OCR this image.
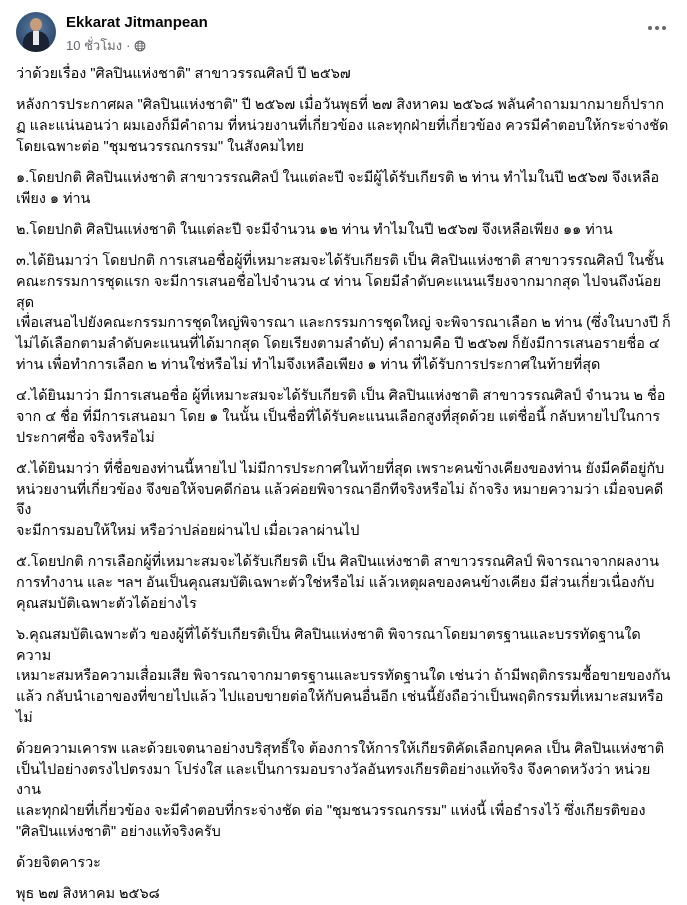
Ekkarat Jitmanpean
10 ชั่วโมง ·

ว่าด้วยเรื่อง "ศิลปินแห่งชาติ" สาขาวรรณศิลป์ ปี ๒๕๖๗

หลังการประกาศผล "ศิลปินแห่งชาติ" ปี ๒๕๖๗ เมื่อวันพุธที่ ๒๗ สิงหาคม ๒๕๖๘ พลันคำถามมากมายก็ปราก
ฏ และแน่นอนว่า ผมเองก็มีคำถาม ที่หน่วยงานที่เกี่ยวข้อง และทุกฝ่ายที่เกี่ยวข้อง ควรมีคำตอบให้กระจ่างชัด
โดยเฉพาะต่อ "ชุมชนวรรณกรรม" ในสังคมไทย

๑.โดยปกติ ศิลปินแห่งชาติ สาขาวรรณศิลป์ ในแต่ละปี จะมีผู้ได้รับเกียรติ ๒ ท่าน ทำไมในปี ๒๕๖๗ จึงเหลือ
เพียง ๑ ท่าน

๒.โดยปกติ ศิลปินแห่งชาติ ในแต่ละปี จะมีจำนวน ๑๒ ท่าน ทำไมในปี ๒๕๖๗ จึงเหลือเพียง ๑๑ ท่าน

๓.ได้ยินมาว่า โดยปกติ การเสนอชื่อผู้ที่เหมาะสมจะได้รับเกียรติ เป็น ศิลปินแห่งชาติ สาขาวรรณศิลป์ ในชั้น
คณะกรรมการชุดแรก จะมีการเสนอชื่อไปจำนวน ๔ ท่าน โดยมีลำดับคะแนนเรียงจากมากสุด ไปจนถึงน้อยสุด
เพื่อเสนอไปยังคณะกรรมการชุดใหญ่พิจารณา และกรรมการชุดใหญ่ จะพิจารณาเลือก ๒ ท่าน (ซึ่งในบางปี ก็
ไม่ได้เลือกตามลำดับคะแนนที่ได้มากสุด โดยเรียงตามลำดับ) คำถามคือ ปี ๒๕๖๗ ก็ยังมีการเสนอรายชื่อ ๔
ท่าน เพื่อทำการเลือก ๒ ท่านใช่หรือไม่ ทำไมจึงเหลือเพียง ๑ ท่าน ที่ได้รับการประกาศในท้ายที่สุด

๔.ได้ยินมาว่า มีการเสนอชื่อ ผู้ที่เหมาะสมจะได้รับเกียรติ เป็น ศิลปินแห่งชาติ สาขาวรรณศิลป์ จำนวน ๒ ชื่อ
จาก ๔ ชื่อ ที่มีการเสนอมา โดย ๑ ในนั้น เป็นชื่อที่ได้รับคะแนนเลือกสูงที่สุดด้วย แต่ชื่อนี้ กลับหายไปในการ
ประกาศชื่อ จริงหรือไม่

๕.ได้ยินมาว่า ที่ชื่อของท่านนี้หายไป ไม่มีการประกาศในท้ายที่สุด เพราะคนข้างเคียงของท่าน ยังมีคดีอยู่กับ
หน่วยงานที่เกี่ยวข้อง จึงขอให้จบคดีก่อน แล้วค่อยพิจารณาอีกทีจริงหรือไม่ ถ้าจริง หมายความว่า เมื่อจบคดีจึง
จะมีการมอบให้ใหม่ หรือว่าปล่อยผ่านไป เมื่อเวลาผ่านไป

๕.โดยปกติ การเลือกผู้ที่เหมาะสมจะได้รับเกียรติ เป็น ศิลปินแห่งชาติ สาขาวรรณศิลป์ พิจารณาจากผลงาน
การทำงาน และ ฯลฯ อันเป็นคุณสมบัติเฉพาะตัวใช่หรือไม่ แล้วเหตุผลของคนข้างเคียง มีส่วนเกี่ยวเนื่องกับ
คุณสมบัติเฉพาะตัวได้อย่างไร

๖.คุณสมบัติเฉพาะตัว ของผู้ที่ได้รับเกียรติเป็น ศิลปินแห่งชาติ พิจารณาโดยมาตรฐานและบรรทัดฐานใด ความ
เหมาะสมหรือความเสื่อมเสีย พิจารณาจากมาตรฐานและบรรทัดฐานใด เช่นว่า ถ้ามีพฤติกรรมซื้อขายของกัน
แล้ว กลับนำเอาของที่ขายไปแล้ว ไปแอบขายต่อให้กับคนอื่นอีก เช่นนี้ยังถือว่าเป็นพฤติกรรมที่เหมาะสมหรือ
ไม่

ด้วยความเคารพ และด้วยเจตนาอย่างบริสุทธิ์ใจ ต้องการให้การให้เกียรติคัดเลือกบุคคล เป็น ศิลปินแห่งชาติ
เป็นไปอย่างตรงไปตรงมา โปร่งใส และเป็นการมอบรางวัลอันทรงเกียรติอย่างแท้จริง จึงคาดหวังว่า หน่วยงาน
และทุกฝ่ายที่เกี่ยวข้อง จะมีคำตอบที่กระจ่างชัด ต่อ "ชุมชนวรรณกรรม" แห่งนี้ เพื่อธำรงไว้ ซึ่งเกียรติของ
"ศิลปินแห่งชาติ" อย่างแท้จริงครับ

ด้วยจิตคารวะ

พุธ ๒๗ สิงหาคม ๒๕๖๘
